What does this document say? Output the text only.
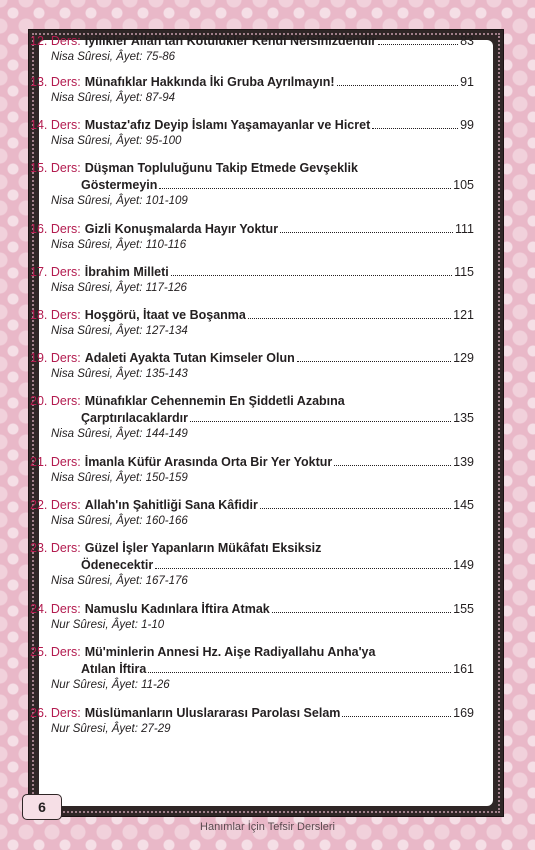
12. Ders: İyilikler Allah'tan Kötülükler Kendi Nefsinizdendir	83
Nisa Sûresi, Âyet: 75-86
13. Ders: Münafıklar Hakkında İki Gruba Ayrılmayın!	91
Nisa Sûresi, Âyet: 87-94
14. Ders: Mustaz'afız Deyip İslamı Yaşamayanlar ve Hicret	99
Nisa Sûresi, Âyet: 95-100
15. Ders: Düşman Topluluğunu Takip Etmede Gevşeklik
Göstermeyin	105
Nisa Sûresi, Âyet: 101-109
16. Ders: Gizli Konuşmalarda Hayır Yoktur	111
Nisa Sûresi, Âyet: 110-116
17. Ders: İbrahim Milleti	115
Nisa Sûresi, Âyet: 117-126
18. Ders: Hoşgörü, İtaat ve Boşanma	121
Nisa Sûresi, Âyet: 127-134
19. Ders: Adaleti Ayakta Tutan Kimseler Olun	129
Nisa Sûresi, Âyet: 135-143
20. Ders: Münafıklar Cehennemin En Şiddetli Azabına
Çarptırılacaklardır	135
Nisa Sûresi, Âyet: 144-149
21. Ders: İmanla Küfür Arasında Orta Bir Yer Yoktur	139
Nisa Sûresi, Âyet: 150-159
22. Ders: Allah'ın Şahitliği Sana Kâfidir	145
Nisa Sûresi, Âyet: 160-166
23. Ders: Güzel İşler Yapanların Mükâfatı Eksiksiz
Ödenecektir	149
Nisa Sûresi, Âyet: 167-176
24. Ders: Namuslu Kadınlara İftira Atmak	155
Nur Sûresi, Âyet: 1-10
25. Ders: Mü'minlerin Annesi Hz. Aişe Radiyallahu Anha'ya
Atılan İftira	161
Nur Sûresi, Âyet: 11-26
26. Ders: Müslümanların Uluslararası Parolası Selam	169
Nur Sûresi, Âyet: 27-29
6
Hanımlar İçin Tefsir Dersleri
